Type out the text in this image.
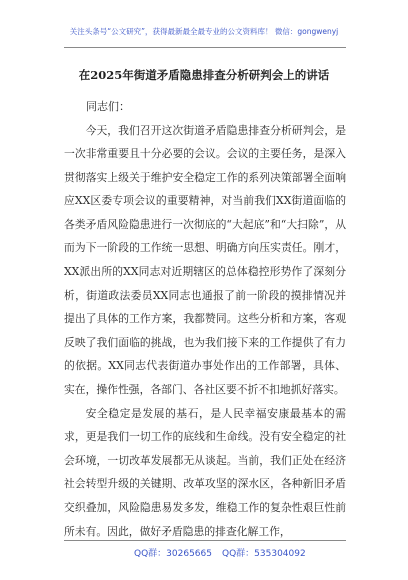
关注头条号“公文研究”，获得最新最全最专业的公文资料库！ 微信：gongwenyj
在2025年街道矛盾隐患排查分析研判会上的讲话

同志们：

今天，我们召开这次街道矛盾隐患排查分析研判会，是一次非常重要且十分必要的会议。会议的主要任务，是深入贯彻落实上级关于维护安全稳定工作的系列决策部署全面响应XX区委专项会议的重要精神，对当前我们XX街道面临的各类矛盾风险隐患进行一次彻底的“大起底”和“大扫除”，从而为下一阶段的工作统一思想、明确方向压实责任。刚才，XX派出所的XX同志对近期辖区的总体稳控形势作了深刻分析，街道政法委员XX同志也通报了前一阶段的摸排情况并提出了具体的工作方案，我都赞同。这些分析和方案，客观反映了我们面临的挑战，也为我们接下来的工作提供了有力的依据。XX同志代表街道办事处作出的工作部署，具体、实在，操作性强，各部门、各社区要不折不扣地抓好落实。

安全稳定是发展的基石，是人民幸福安康最基本的需求，更是我们一切工作的底线和生命线。没有安全稳定的社会环境，一切改革发展都无从谈起。当前，我们正处在经济社会转型升级的关键期、改革攻坚的深水区，各种新旧矛盾交织叠加，风险隐患易发多发，维稳工作的复杂性艰巨性前所未有。因此，做好矛盾隐患的排查化解工作，

QQ群：30265665 QQ群：535304092
